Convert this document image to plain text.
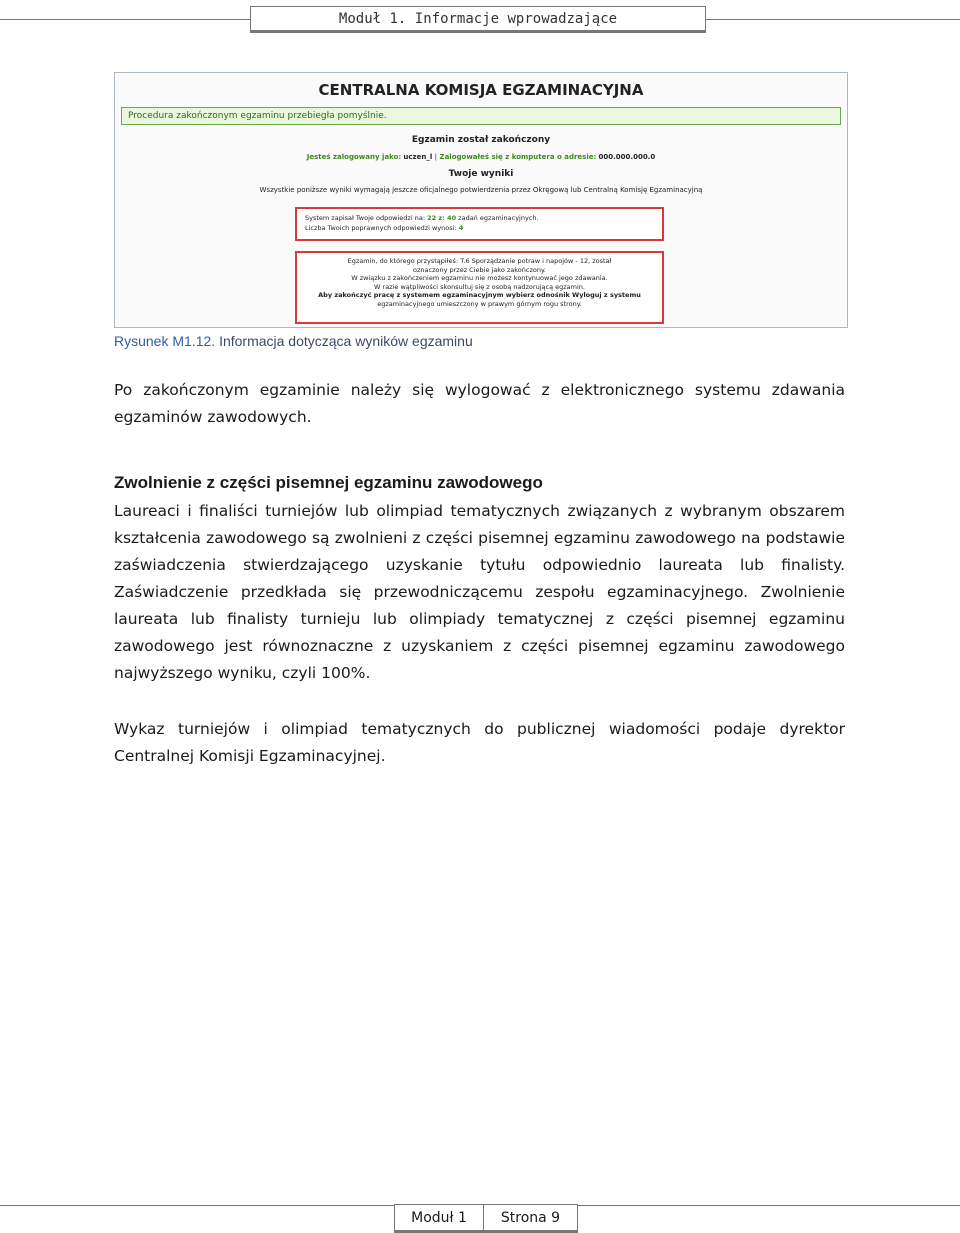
Moduł 1. Informacje wprowadzające
CENTRALNA KOMISJA EGZAMINACYJNA
Procedura zakończonym egzaminu przebiegła pomyślnie.
Egzamin został zakończony
Jesteś zalogowany jako: uczen_l | Zalogowałeś się z komputera o adresie: 000.000.000.0
Twoje wyniki
Wszystkie poniższe wyniki wymagają jeszcze oficjalnego potwierdzenia przez Okręgową lub Centralną Komisję Egzaminacyjną
System zapisał Twoje odpowiedzi na: 22 z: 40 zadań egzaminacyjnych.
Liczba Twoich poprawnych odpowiedzi wynosi: 4
Egzamin, do którego przystąpiłeś: T.6 Sporządzanie potraw i napojów - 12, został
oznaczony przez Ciebie jako zakończony.
W związku z zakończeniem egzaminu nie możesz kontynuować jego zdawania.
W razie wątpliwości skonsultuj się z osobą nadzorującą egzamin.
Aby zakończyć pracę z systemem egzaminacyjnym wybierz odnośnik Wyloguj z systemu
egzaminacyjnego umieszczony w prawym górnym rogu strony.
Rysunek M1.12. Informacja dotycząca wyników egzaminu

Po zakończonym egzaminie należy się wylogować z elektronicznego systemu zdawania egzaminów zawodowych.

Zwolnienie z części pisemnej egzaminu zawodowego

Laureaci i finaliści turniejów lub olimpiad tematycznych związanych z wybranym obszarem kształcenia zawodowego są zwolnieni z części pisemnej egzaminu zawodowego na podstawie zaświadczenia stwierdzającego uzyskanie tytułu odpowiednio laureata lub finalisty. Zaświadczenie przedkłada się przewodniczącemu zespołu egzaminacyjnego. Zwolnienie laureata lub finalisty turnieju lub olimpiady tematycznej z części pisemnej egzaminu zawodowego jest równoznaczne z uzyskaniem z części pisemnej egzaminu zawodowego najwyższego wyniku, czyli 100%.

Wykaz turniejów i olimpiad tematycznych do publicznej wiadomości podaje dyrektor Centralnej Komisji Egzaminacyjnej.

Moduł 1	Strona 9
